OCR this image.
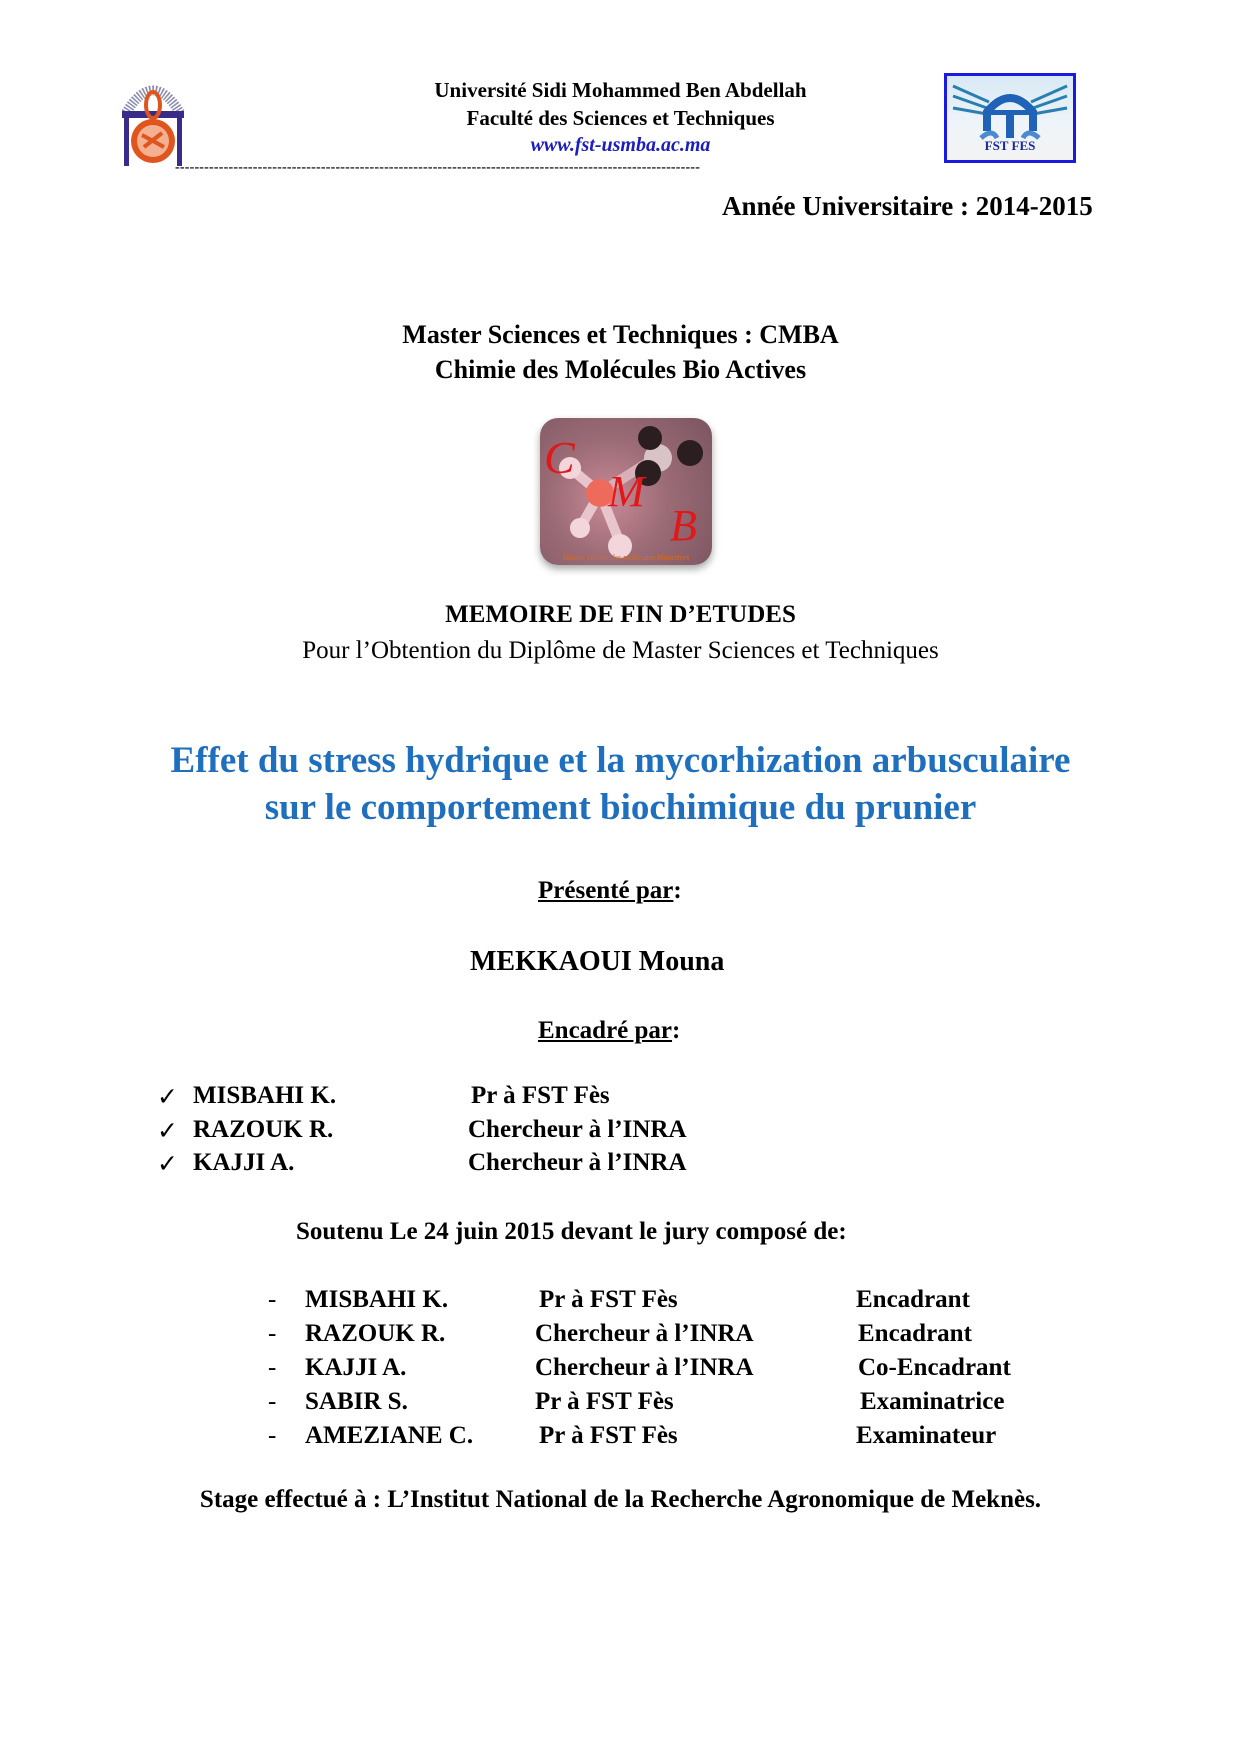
Université Sidi Mohammed Ben Abdellah
Faculté des Sciences et Techniques
www.fst-usmba.ac.ma	FST FES
------------------------------------------------------------------------------------------------------------
Année Universitaire : 2014-2015
Master Sciences et Techniques : CMBA
Chimie des Molécules Bio Actives
C
M
B
Master chimie des molécules bioactives
MEMOIRE DE FIN D’ETUDES
Pour l’Obtention du Diplôme de Master Sciences et Techniques
Effet du stress hydrique et la mycorhization arbusculaire
sur le comportement biochimique du prunier
Présenté par:
MEKKAOUI Mouna
Encadré par:
✓ MISBAHI K.	Pr à FST Fès
✓ RAZOUK R.	Chercheur à l’INRA
✓ KAJJI A.	Chercheur à l’INRA
Soutenu Le 24 juin 2015 devant le jury composé de:
- MISBAHI K.	Pr à FST Fès	Encadrant
- RAZOUK R.	Chercheur à l’INRA	Encadrant
- KAJJI A.	Chercheur à l’INRA	Co-Encadrant
- SABIR S.	Pr à FST Fès	Examinatrice
- AMEZIANE C.	Pr à FST Fès	Examinateur
Stage effectué à : L’Institut National de la Recherche Agronomique de Meknès.
